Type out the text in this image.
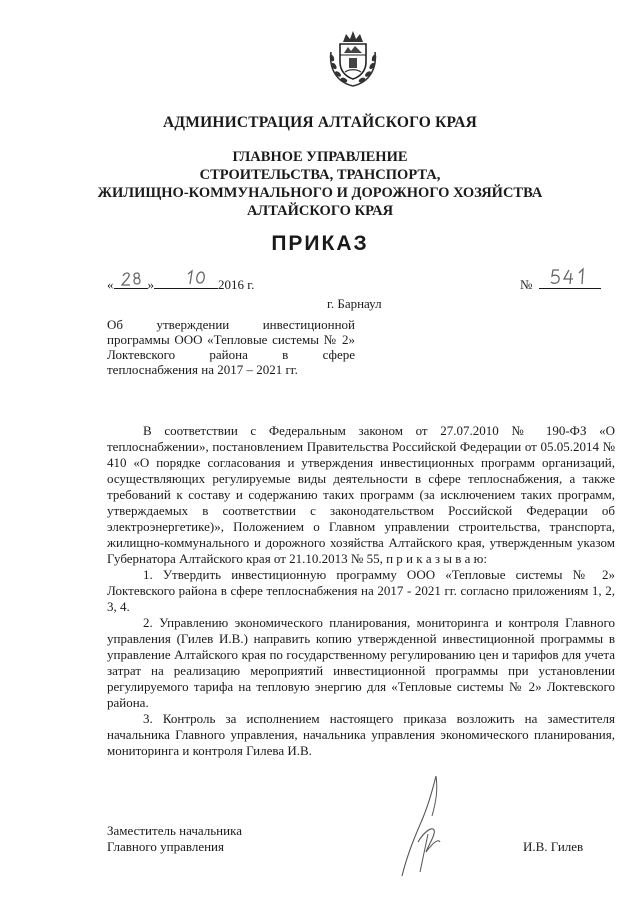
АДМИНИСТРАЦИЯ АЛТАЙСКОГО КРАЯ
ГЛАВНОЕ УПРАВЛЕНИЕ
СТРОИТЕЛЬСТВА, ТРАНСПОРТА,
ЖИЛИЩНО-КОММУНАЛЬНОГО И ДОРОЖНОГО ХОЗЯЙСТВА
АЛТАЙСКОГО КРАЯ
ПРИКАЗ
«	»	2016 г.	№
г. Барнаул
Об утверждении инвестиционной программы ООО «Тепловые системы № 2» Локтевского района в сфере теплоснабжения на 2017 – 2021 гг.

В соответствии с Федеральным законом от 27.07.2010 № 190-ФЗ «О теплоснабжении», постановлением Правительства Российской Федерации от 05.05.2014 № 410 «О порядке согласования и утверждения инвестиционных программ организаций, осуществляющих регулируемые виды деятельности в сфере теплоснабжения, а также требований к составу и содержанию таких программ (за исключением таких программ, утверждаемых в соответствии с законодательством Российской Федерации об электроэнергетике)», Положением о Главном управлении строительства, транспорта, жилищно-коммунального и дорожного хозяйства Алтайского края, утвержденным указом Губернатора Алтайского края от 21.10.2013 № 55, п р и к а з ы в а ю:

1. Утвердить инвестиционную программу ООО «Тепловые системы № 2» Локтевского района в сфере теплоснабжения на 2017 - 2021 гг. согласно приложениям 1, 2, 3, 4.

2. Управлению экономического планирования, мониторинга и контроля Главного управления (Гилев И.В.) направить копию утвержденной инвестиционной программы в управление Алтайского края по государственному регулированию цен и тарифов для учета затрат на реализацию мероприятий инвестиционной программы при установлении регулируемого тарифа на тепловую энергию для «Тепловые системы № 2» Локтевского района.

3. Контроль за исполнением настоящего приказа возложить на заместителя начальника Главного управления, начальника управления экономического планирования, мониторинга и контроля Гилева И.В.

Заместитель начальника
Главного управления	И.В. Гилев
